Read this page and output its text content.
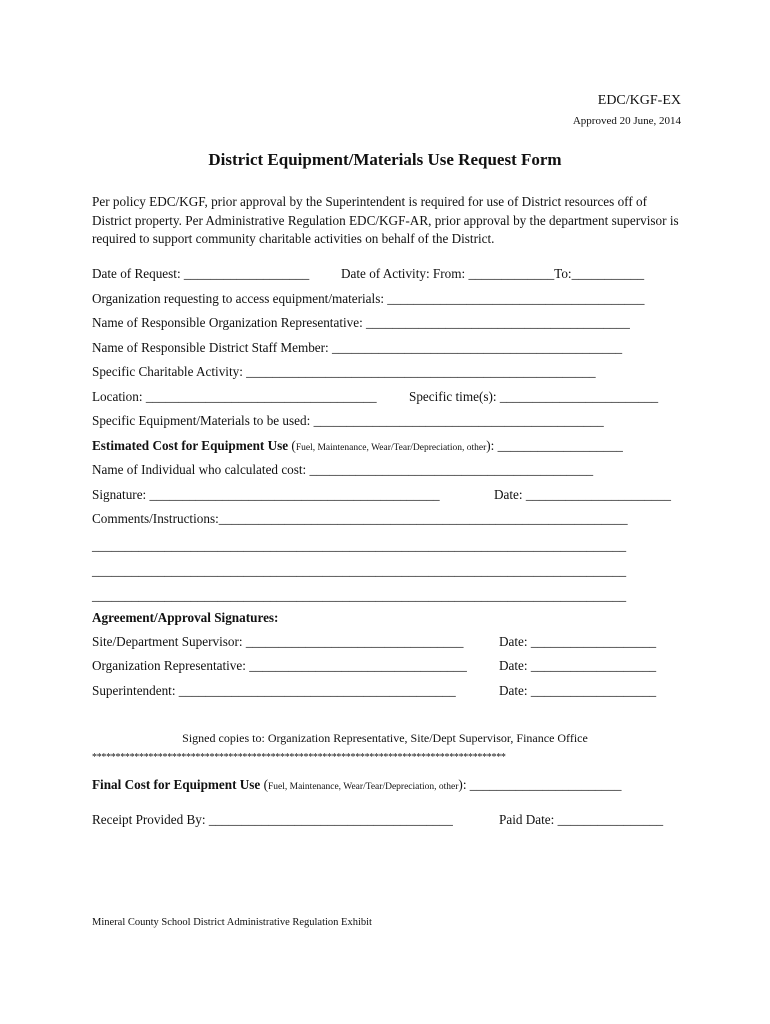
EDC/KGF-EX
Approved 20 June, 2014
District Equipment/Materials Use Request Form
Per policy EDC/KGF, prior approval by the Superintendent is required for use of District resources off of District property. Per Administrative Regulation EDC/KGF-AR, prior approval by the department supervisor is required to support community charitable activities on behalf of the District.
Date of Request: ___________________ Date of Activity: From: _____________To:___________
Organization requesting to access equipment/materials: _______________________________________
Name of Responsible Organization Representative: ________________________________________
Name of Responsible District Staff Member: ____________________________________________
Specific Charitable Activity: _____________________________________________________
Location: ___________________________________ Specific time(s): ________________________
Specific Equipment/Materials to be used: ____________________________________________
Estimated Cost for Equipment Use (Fuel, Maintenance, Wear/Tear/Depreciation, other): ___________________
Name of Individual who calculated cost: ___________________________________________
Signature: ____________________________________________	Date: ______________________
Comments/Instructions:______________________________________________________________
_________________________________________________________________________________
_________________________________________________________________________________
_________________________________________________________________________________
Agreement/Approval Signatures:
Site/Department Supervisor: _________________________________	Date: ___________________
Organization Representative: _________________________________ Date: ___________________
Superintendent: __________________________________________	Date: ___________________
Signed copies to: Organization Representative, Site/Dept Supervisor, Finance Office
****************************************************************************************
Final Cost for Equipment Use (Fuel, Maintenance, Wear/Tear/Depreciation, other): _______________________
Receipt Provided By: _____________________________________	Paid Date: ________________
Mineral County School District Administrative Regulation Exhibit
